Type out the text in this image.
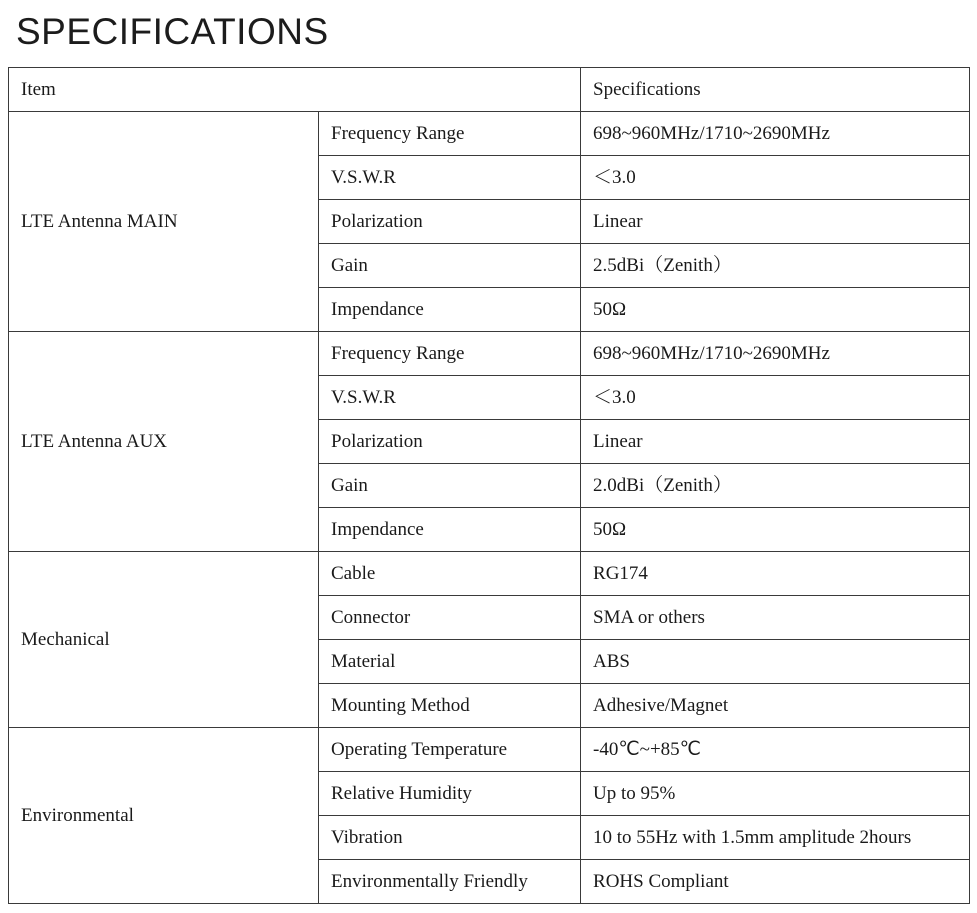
SPECIFICATIONS
Item		Specifications
LTE Antenna MAIN	Frequency Range	698~960MHz/1710~2690MHz
	V.S.W.R	＜3.0
	Polarization	Linear
	Gain	2.5dBi（Zenith）
	Impendance	50Ω
LTE Antenna AUX	Frequency Range	698~960MHz/1710~2690MHz
	V.S.W.R	＜3.0
	Polarization	Linear
	Gain	2.0dBi（Zenith）
	Impendance	50Ω
Mechanical	Cable	RG174
	Connector	SMA or others
	Material	ABS
	Mounting Method	Adhesive/Magnet
Environmental	Operating Temperature	-40℃~+85℃
	Relative Humidity	Up to 95%
	Vibration	10 to 55Hz with 1.5mm amplitude 2hours
	Environmentally Friendly	ROHS Compliant
